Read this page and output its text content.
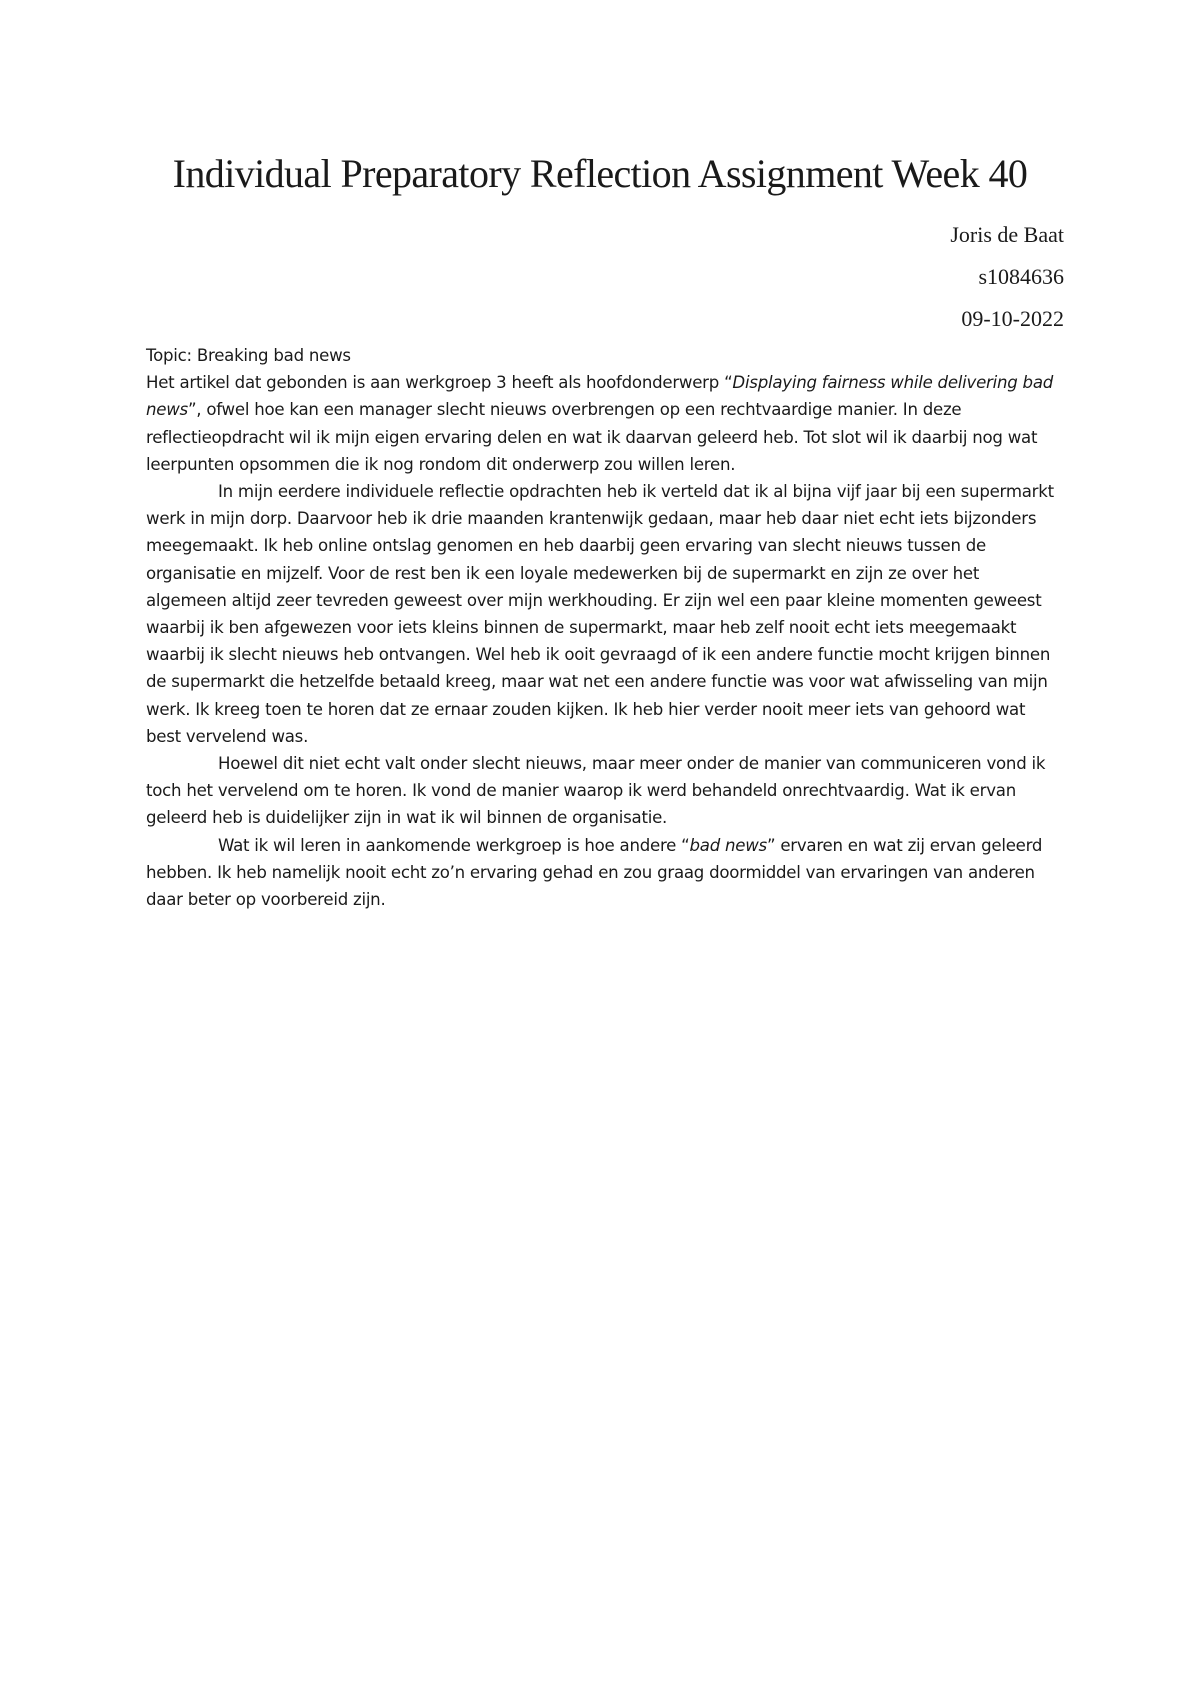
Individual Preparatory Reflection Assignment Week 40
Joris de Baat
s1084636
09-10-2022

Topic: Breaking bad news

Het artikel dat gebonden is aan werkgroep 3 heeft als hoofdonderwerp “Displaying fairness while delivering bad news”, ofwel hoe kan een manager slecht nieuws overbrengen op een rechtvaardige manier. In deze reflectieopdracht wil ik mijn eigen ervaring delen en wat ik daarvan geleerd heb. Tot slot wil ik daarbij nog wat leerpunten opsommen die ik nog rondom dit onderwerp zou willen leren.

In mijn eerdere individuele reflectie opdrachten heb ik verteld dat ik al bijna vijf jaar bij een supermarkt werk in mijn dorp. Daarvoor heb ik drie maanden krantenwijk gedaan, maar heb daar niet echt iets bijzonders meegemaakt. Ik heb online ontslag genomen en heb daarbij geen ervaring van slecht nieuws tussen de organisatie en mijzelf. Voor de rest ben ik een loyale medewerken bij de supermarkt en zijn ze over het algemeen altijd zeer tevreden geweest over mijn werkhouding. Er zijn wel een paar kleine momenten geweest waarbij ik ben afgewezen voor iets kleins binnen de supermarkt, maar heb zelf nooit echt iets meegemaakt waarbij ik slecht nieuws heb ontvangen. Wel heb ik ooit gevraagd of ik een andere functie mocht krijgen binnen de supermarkt die hetzelfde betaald kreeg, maar wat net een andere functie was voor wat afwisseling van mijn werk. Ik kreeg toen te horen dat ze ernaar zouden kijken. Ik heb hier verder nooit meer iets van gehoord wat best vervelend was.

Hoewel dit niet echt valt onder slecht nieuws, maar meer onder de manier van communiceren vond ik toch het vervelend om te horen. Ik vond de manier waarop ik werd behandeld onrechtvaardig. Wat ik ervan geleerd heb is duidelijker zijn in wat ik wil binnen de organisatie.

Wat ik wil leren in aankomende werkgroep is hoe andere “bad news” ervaren en wat zij ervan geleerd hebben. Ik heb namelijk nooit echt zo’n ervaring gehad en zou graag doormiddel van ervaringen van anderen daar beter op voorbereid zijn.
